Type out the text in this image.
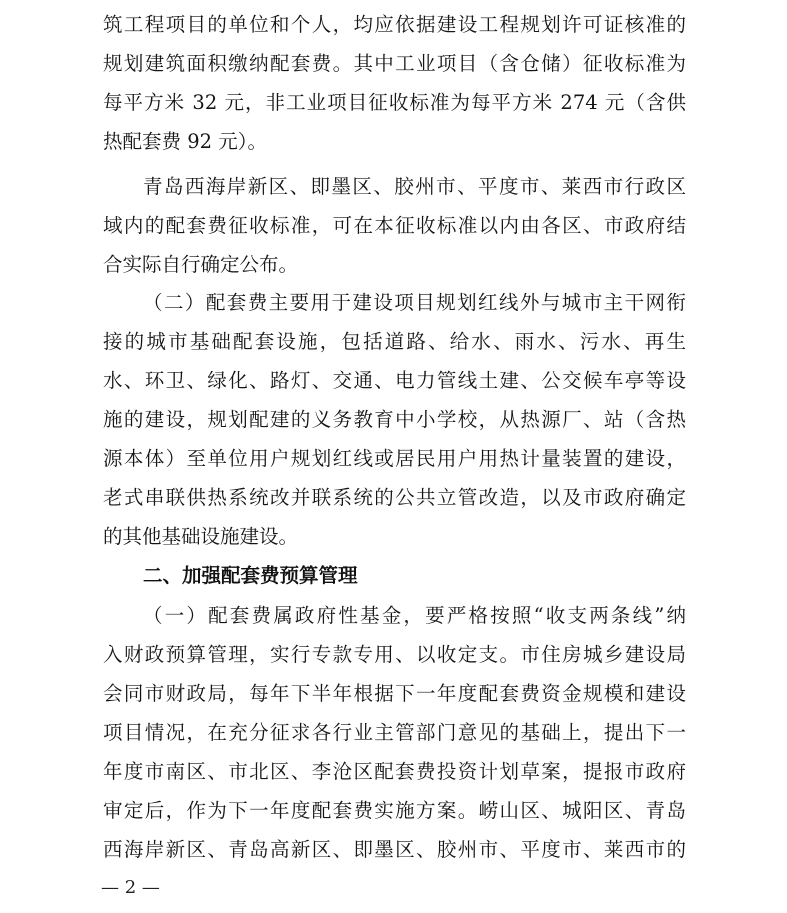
筑工程项目的单位和个人，均应依据建设工程规划许可证核准的
规划建筑面积缴纳配套费。其中工业项目（含仓储）征收标准为
每平方米 32 元，非工业项目征收标准为每平方米 274 元（含供
热配套费 92 元）。
青岛西海岸新区、即墨区、胶州市、平度市、莱西市行政区
域内的配套费征收标准，可在本征收标准以内由各区、市政府结
合实际自行确定公布。
（二）配套费主要用于建设项目规划红线外与城市主干网衔
接的城市基础配套设施，包括道路、给水、雨水、污水、再生
水、环卫、绿化、路灯、交通、电力管线土建、公交候车亭等设
施的建设，规划配建的义务教育中小学校，从热源厂、站（含热
源本体）至单位用户规划红线或居民用户用热计量装置的建设，
老式串联供热系统改并联系统的公共立管改造，以及市政府确定
的其他基础设施建设。
二、加强配套费预算管理
（一）配套费属政府性基金，要严格按照“收支两条线”纳
入财政预算管理，实行专款专用、以收定支。市住房城乡建设局
会同市财政局，每年下半年根据下一年度配套费资金规模和建设
项目情况，在充分征求各行业主管部门意见的基础上，提出下一
年度市南区、市北区、李沧区配套费投资计划草案，提报市政府
审定后，作为下一年度配套费实施方案。崂山区、城阳区、青岛
西海岸新区、青岛高新区、即墨区、胶州市、平度市、莱西市的
— 2 —
